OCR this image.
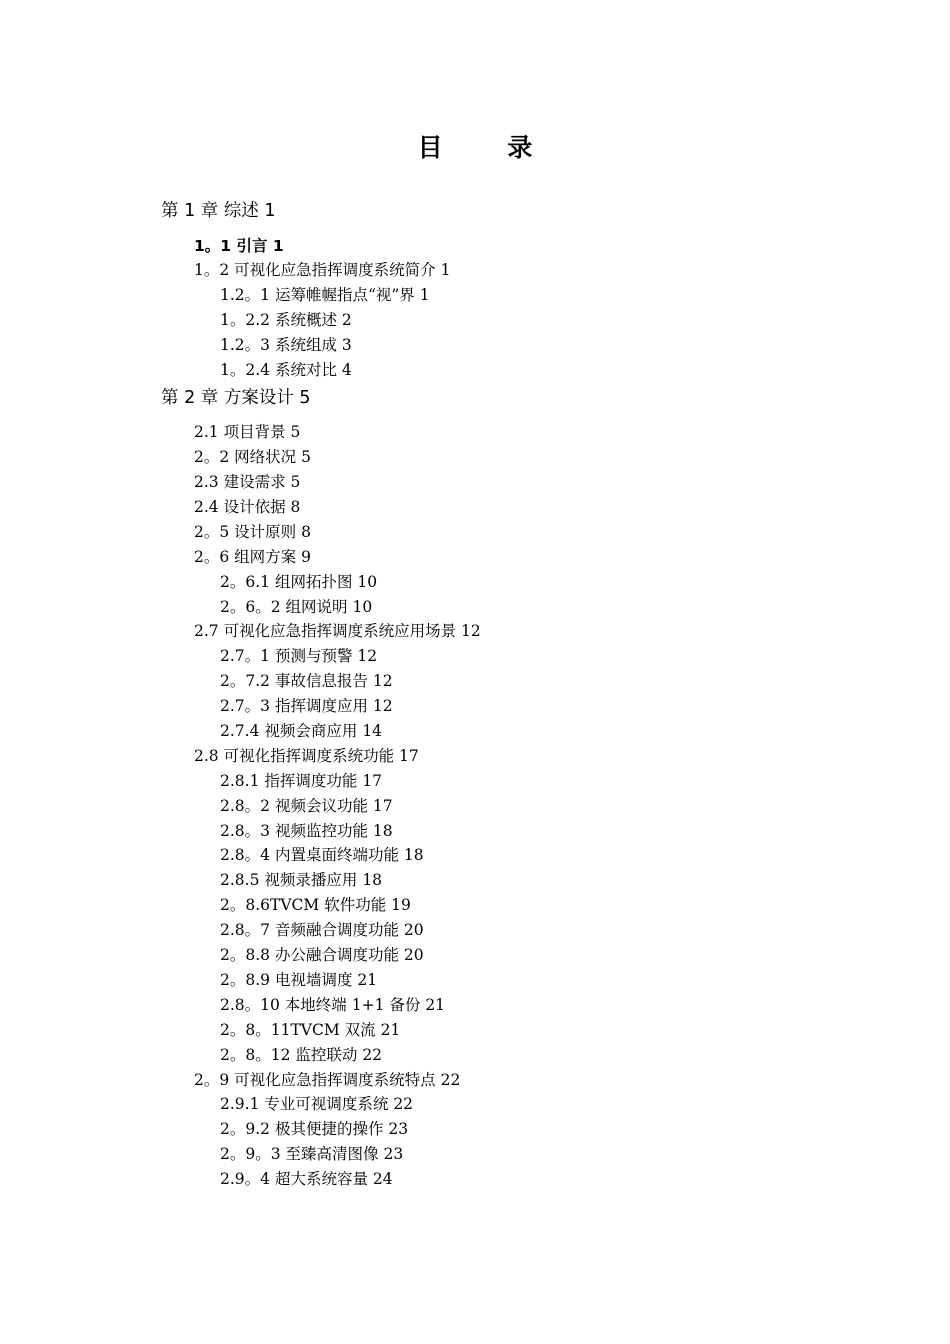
目 录
第 1 章 综述 1
1。1 引言 1
1。2 可视化应急指挥调度系统简介 1
1.2。1 运筹帷幄指点“视”界 1
1。2.2 系统概述 2
1.2。3 系统组成 3
1。2.4 系统对比 4
第 2 章 方案设计 5
2.1 项目背景 5
2。2 网络状况 5
2.3 建设需求 5
2.4 设计依据 8
2。5 设计原则 8
2。6 组网方案 9
2。6.1 组网拓扑图 10
2。6。2 组网说明 10
2.7 可视化应急指挥调度系统应用场景 12
2.7。1 预测与预警 12
2。7.2 事故信息报告 12
2.7。3 指挥调度应用 12
2.7.4 视频会商应用 14
2.8 可视化指挥调度系统功能 17
2.8.1 指挥调度功能 17
2.8。2 视频会议功能 17
2.8。3 视频监控功能 18
2.8。4 内置桌面终端功能 18
2.8.5 视频录播应用 18
2。8.6TVCM 软件功能 19
2.8。7 音频融合调度功能 20
2。8.8 办公融合调度功能 20
2。8.9 电视墙调度 21
2.8。10 本地终端 1+1 备份 21
2。8。11TVCM 双流 21
2。8。12 监控联动 22
2。9 可视化应急指挥调度系统特点 22
2.9.1 专业可视调度系统 22
2。9.2 极其便捷的操作 23
2。9。3 至臻高清图像 23
2.9。4 超大系统容量 24
